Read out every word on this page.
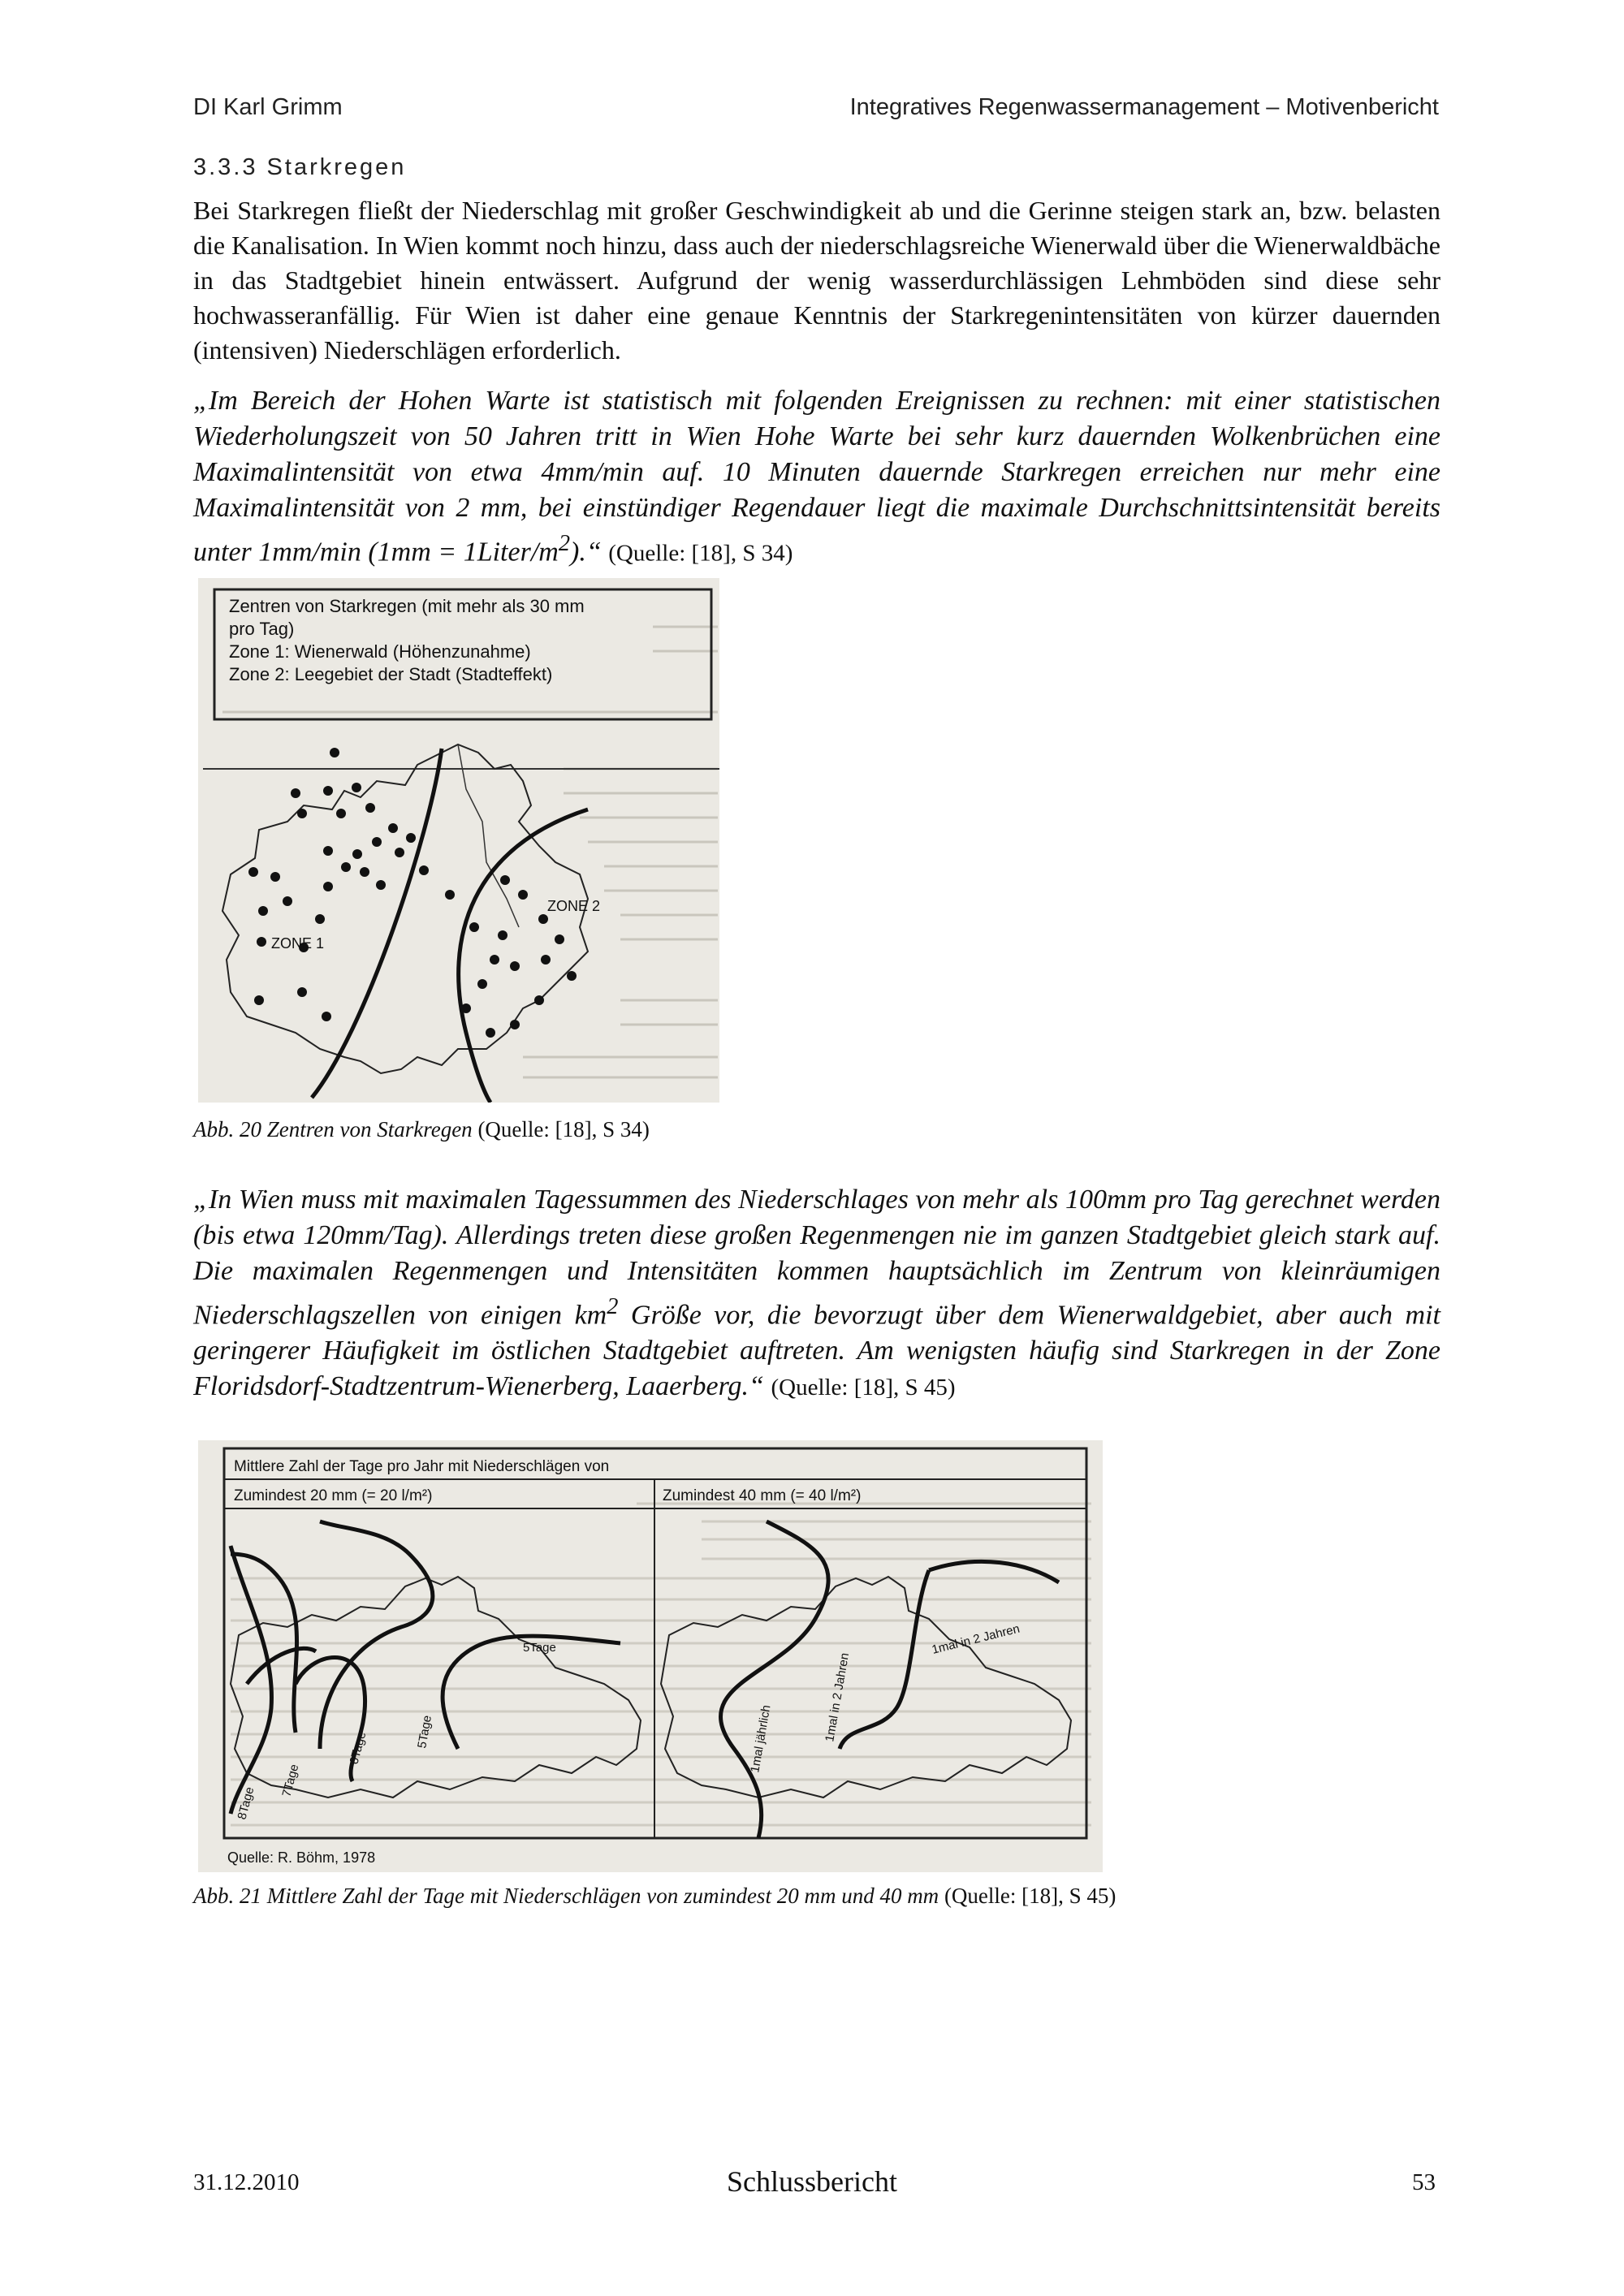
DI Karl Grimm	Integratives Regenwassermanagement – Motivenbericht
3.3.3 Starkregen
Bei Starkregen fließt der Niederschlag mit großer Geschwindigkeit ab und die Gerinne steigen stark an, bzw. belasten die Kanalisation. In Wien kommt noch hinzu, dass auch der niederschlagsreiche Wienerwald über die Wienerwaldbäche in das Stadtgebiet hinein entwässert. Aufgrund der wenig wasserdurchlässigen Lehmböden sind diese sehr hochwasseranfällig. Für Wien ist daher eine genaue Kenntnis der Starkregenintensitäten von kürzer dauernden (intensiven) Niederschlägen erforderlich.
„Im Bereich der Hohen Warte ist statistisch mit folgenden Ereignissen zu rechnen: mit einer statistischen Wiederholungszeit von 50 Jahren tritt in Wien Hohe Warte bei sehr kurz dauernden Wolkenbrüchen eine Maximalintensität von etwa 4mm/min auf. 10 Minuten dauernde Starkregen erreichen nur mehr eine Maximalintensität von 2 mm, bei einstündiger Regendauer liegt die maximale Durchschnittsintensität bereits unter 1mm/min $(1mm = 1Liter/m^2).“$ (Quelle: [18], S 34)
Zentren von Starkregen (mit mehr als 30 mm
pro Tag)
Zone 1: Wienerwald (Höhenzunahme)
Zone 2: Leegebiet der Stadt (Stadteffekt)
ZONE 1
ZONE 2
Abb. 20 Zentren von Starkregen (Quelle: [18], S 34)
„In Wien muss mit maximalen Tagessummen des Niederschlages von mehr als 100mm pro Tag gerechnet werden (bis etwa 120mm/Tag). Allerdings treten diese großen Regenmengen nie im ganzen Stadtgebiet gleich stark auf. Die maximalen Regenmengen und Intensitäten kommen hauptsächlich im Zentrum von kleinräumigen Niederschlagszellen von einigen $km^2$ Größe vor, die bevorzugt über dem Wienerwaldgebiet, aber auch mit geringerer Häufigkeit im östlichen Stadtgebiet auftreten. Am wenigsten häufig sind Starkregen in der Zone Floridsdorf-Stadtzentrum-Wienerberg, Laaerberg.“ (Quelle: [18], S 45)
Mittlere Zahl der Tage pro Jahr mit Niederschlägen von
Zumindest 20 mm (= 20 l/m²)	Zumindest 40 mm (= 40 l/m²)
8Tage
7Tage
6Tage	5Tage
5Tage
1mal jährlich	1mal in 2 Jahren
1mal in 2 Jahren
Quelle: R. Böhm, 1978
Abb. 21 Mittlere Zahl der Tage mit Niederschlägen von zumindest 20 mm und 40 mm (Quelle: [18], S 45)
31.12.2010	Schlussbericht	53
